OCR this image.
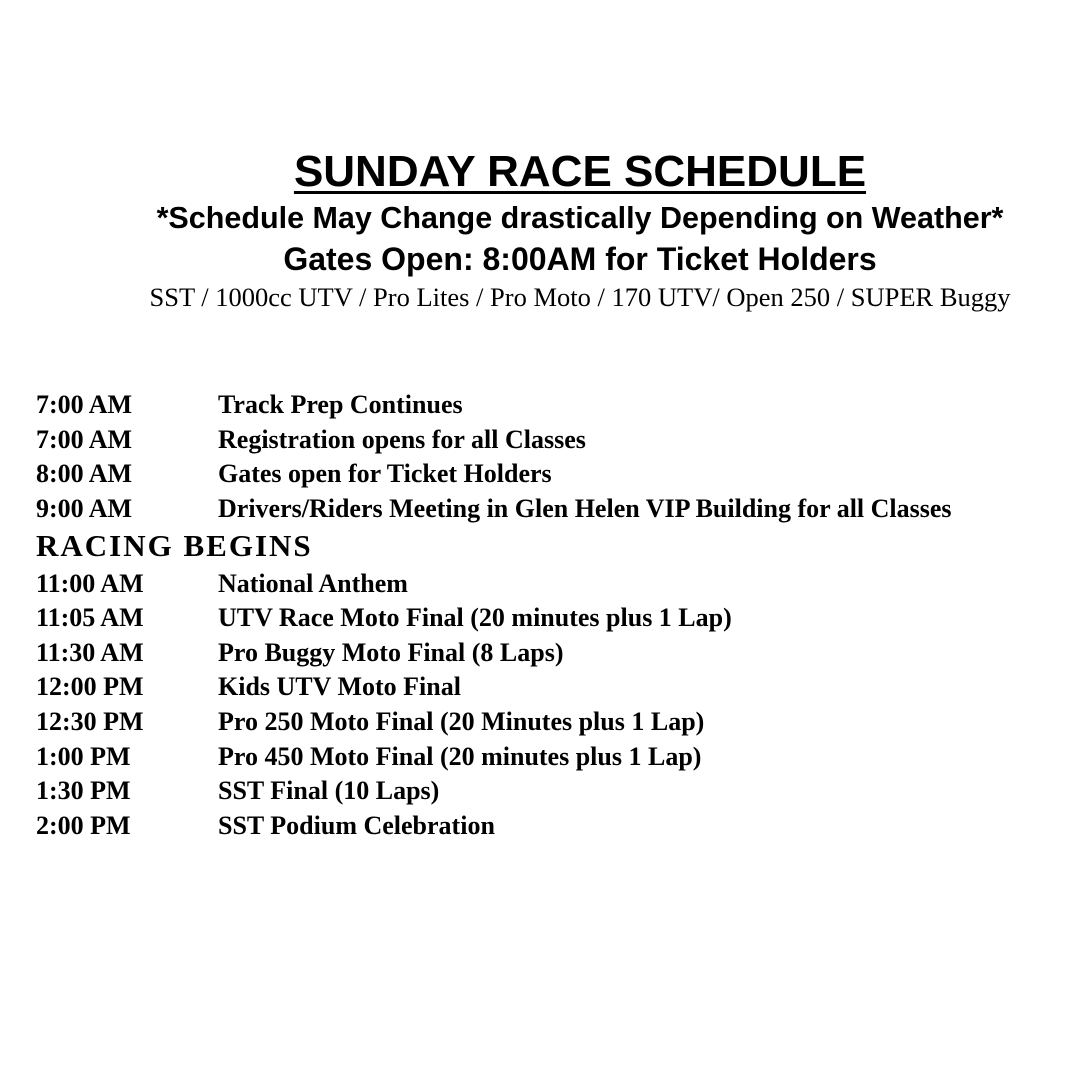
SUNDAY RACE SCHEDULE
*Schedule May Change drastically Depending on Weather*
Gates Open: 8:00AM for Ticket Holders
SST / 1000cc UTV / Pro Lites / Pro Moto / 170 UTV/ Open 250 / SUPER Buggy
7:00 AM	Track Prep Continues
7:00 AM	Registration opens for all Classes
8:00 AM	Gates open for Ticket Holders
9:00 AM	Drivers/Riders Meeting in Glen Helen VIP Building for all Classes
RACING BEGINS
11:00 AM	National Anthem
11:05 AM	UTV Race Moto Final (20 minutes plus 1 Lap)
11:30 AM	Pro Buggy Moto Final (8 Laps)
12:00 PM	Kids UTV Moto Final
12:30 PM	Pro 250 Moto Final (20 Minutes plus 1 Lap)
1:00 PM	Pro 450 Moto Final (20 minutes plus 1 Lap)
1:30 PM	SST Final (10 Laps)
2:00 PM	SST Podium Celebration
